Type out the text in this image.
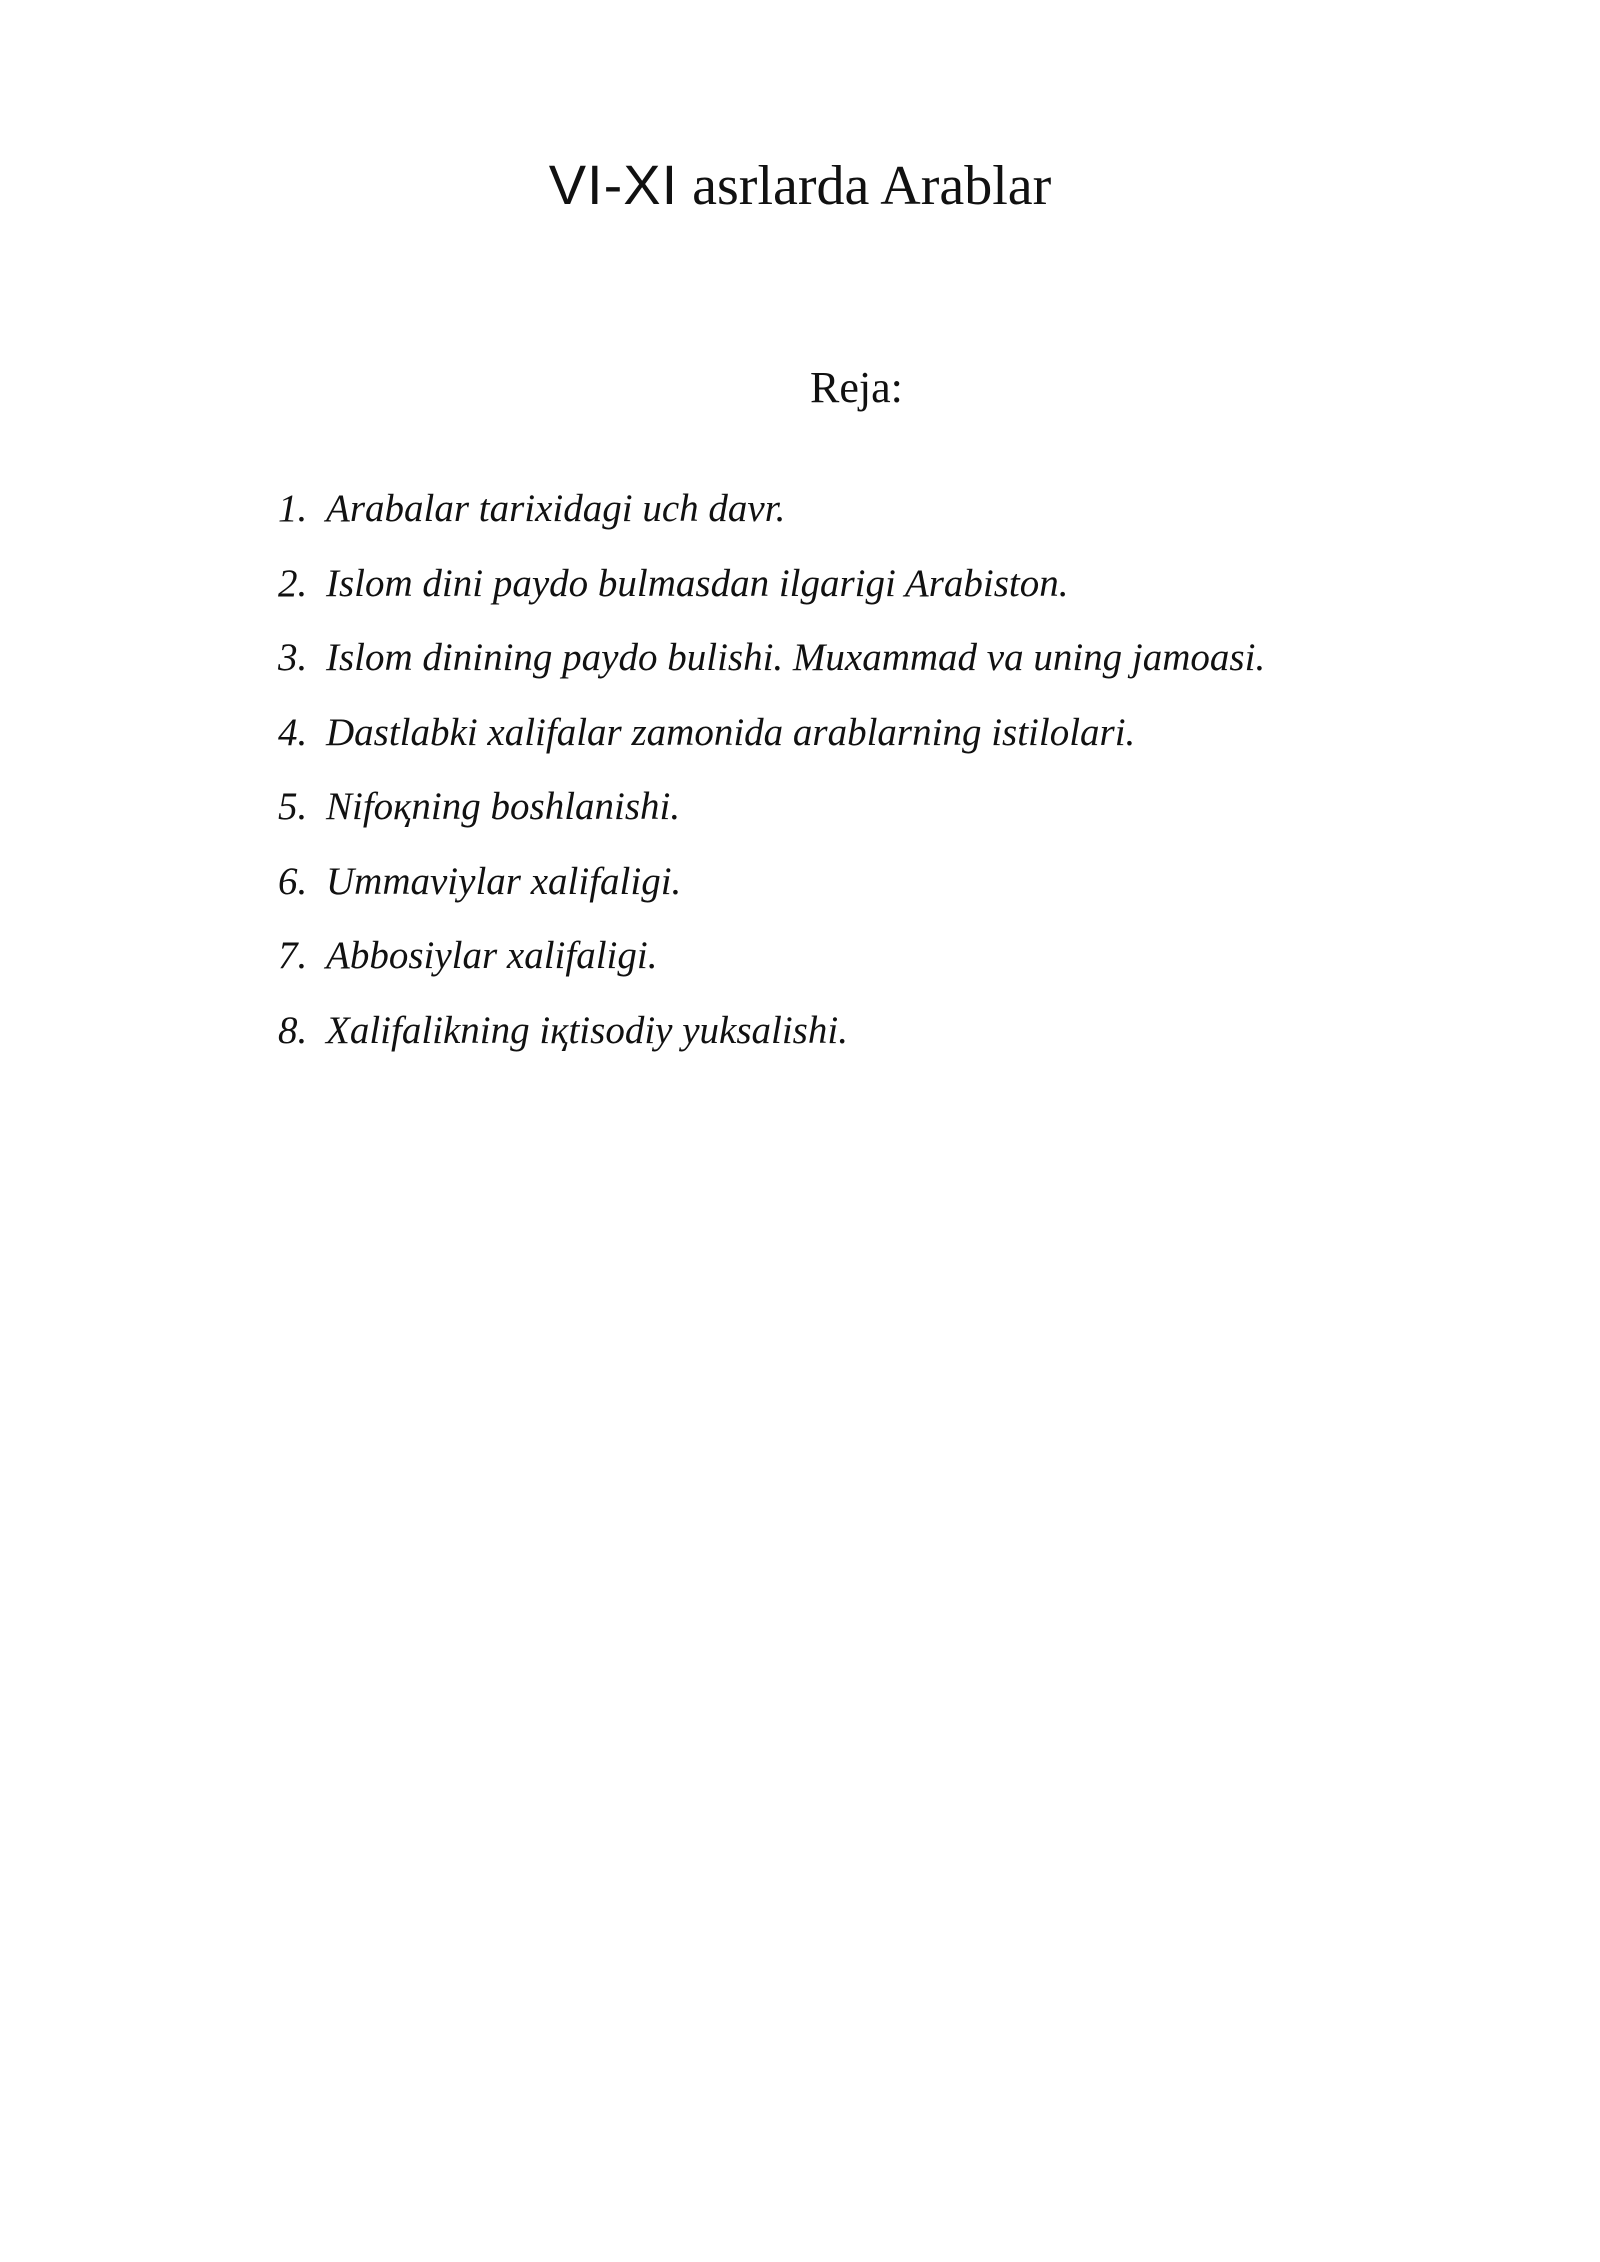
VI-XI asrlarda Arablar
Reja:
1. Arabalar tarixidagi uch davr.
2. Islom dini paydo bulmasdan ilgarigi Arabiston.
3. Islom dinining paydo bulishi. Muxammad va uning jamoasi.
4. Dastlabki xalifalar zamonida arablarning istilolari.
5. Nifoқning boshlanishi.
6. Ummaviylar xalifaligi.
7. Abbosiylar xalifaligi.
8. Xalifalikning iқtisodiy yuksalishi.
